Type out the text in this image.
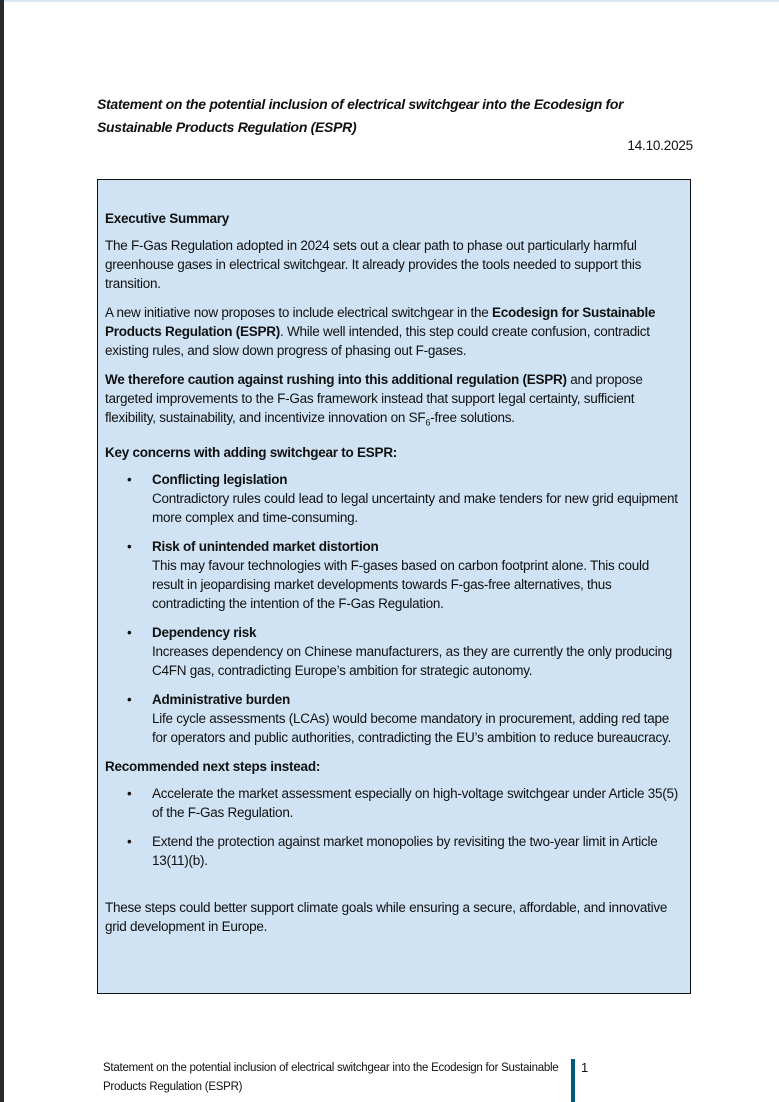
Statement on the potential inclusion of electrical switchgear into the Ecodesign for Sustainable Products Regulation (ESPR)
14.10.2025
Executive Summary

The F-Gas Regulation adopted in 2024 sets out a clear path to phase out particularly harmful greenhouse gases in electrical switchgear. It already provides the tools needed to support this transition.

A new initiative now proposes to include electrical switchgear in the Ecodesign for Sustainable Products Regulation (ESPR). While well intended, this step could create confusion, contradict existing rules, and slow down progress of phasing out F-gases.

We therefore caution against rushing into this additional regulation (ESPR) and propose targeted improvements to the F-Gas framework instead that support legal certainty, sufficient flexibility, sustainability, and incentivize innovation on $SF_6$-free solutions.

Key concerns with adding switchgear to ESPR:
• Conflicting legislation
Contradictory rules could lead to legal uncertainty and make tenders for new grid equipment more complex and time-consuming.
• Risk of unintended market distortion
This may favour technologies with F-gases based on carbon footprint alone. This could result in jeopardising market developments towards F-gas-free alternatives, thus contradicting the intention of the F-Gas Regulation.
• Dependency risk
Increases dependency on Chinese manufacturers, as they are currently the only producing C4FN gas, contradicting Europe’s ambition for strategic autonomy.
• Administrative burden
Life cycle assessments (LCAs) would become mandatory in procurement, adding red tape for operators and public authorities, contradicting the EU’s ambition to reduce bureaucracy.
Recommended next steps instead:
• Accelerate the market assessment especially on high-voltage switchgear under Article 35(5) of the F-Gas Regulation.
• Extend the protection against market monopolies by revisiting the two-year limit in Article 13(11)(b).

These steps could better support climate goals while ensuring a secure, affordable, and innovative grid development in Europe.

Statement on the potential inclusion of electrical switchgear into the Ecodesign for Sustainable Products Regulation (ESPR)
1
